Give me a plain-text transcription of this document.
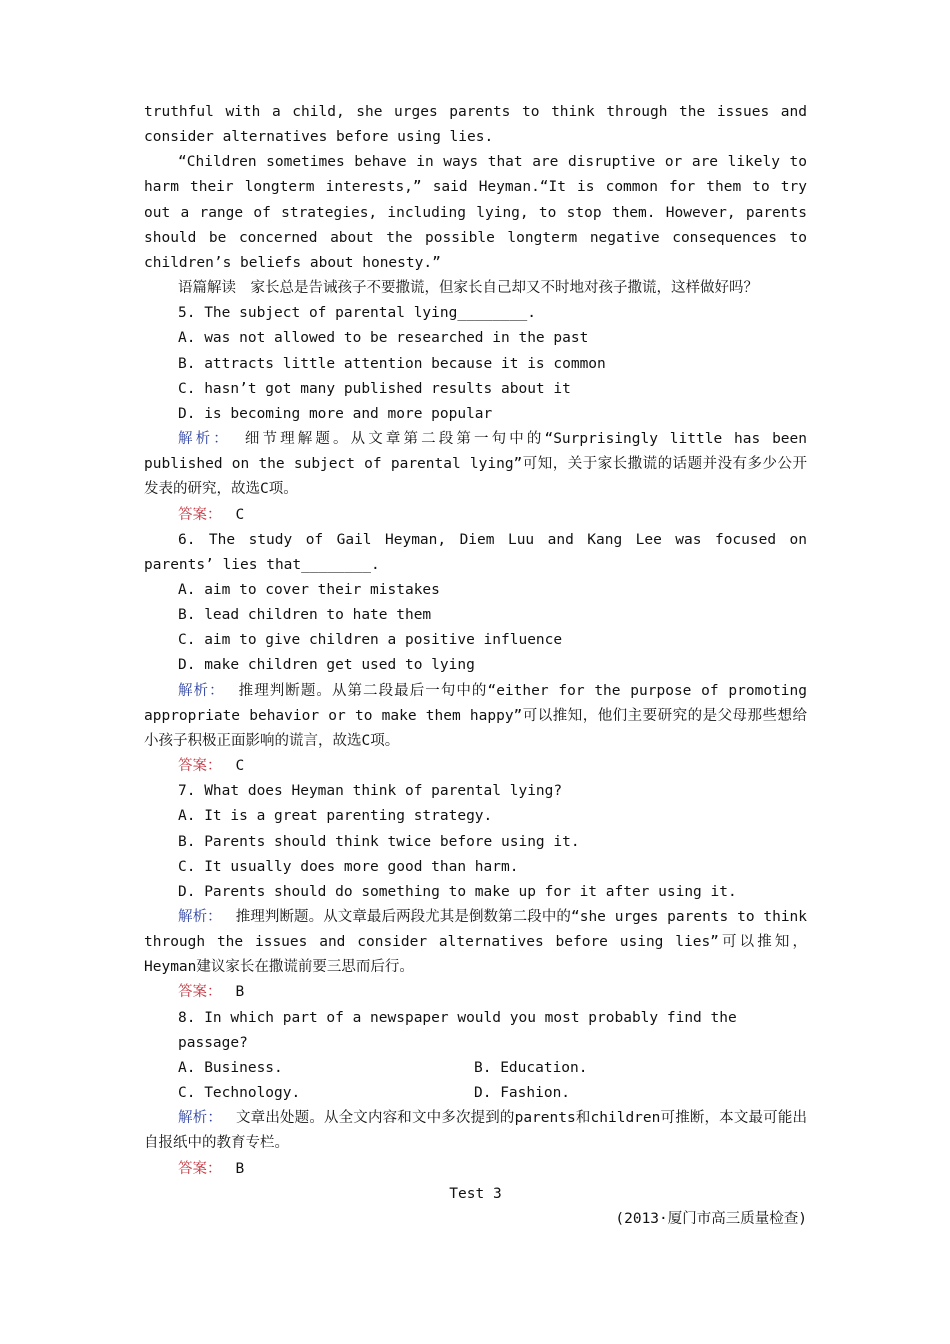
truthful with a child, she urges parents to think through the issues and consider alternatives before using lies.

“Children sometimes behave in ways that are disruptive or are likely to harm their longterm interests,” said Heyman.“It is common for them to try out a range of strategies, including lying, to stop them. However, parents should be concerned about the possible longterm negative consequences to children’s beliefs about honesty.”

语篇解读　家长总是告诫孩子不要撒谎，但家长自己却又不时地对孩子撒谎，这样做好吗？

5. The subject of parental lying________.

A. was not allowed to be researched in the past

B. attracts little attention because it is common

C. hasn’t got many published results about it

D. is becoming more and more popular

解析： 细节理解题。从文章第二段第一句中的“Surprisingly little has been published on the subject of parental lying”可知，关于家长撒谎的话题并没有多少公开发表的研究，故选C项。

答案： C

6. The study of Gail Heyman, Diem Luu and Kang Lee was focused on parents’ lies that________.

A. aim to cover their mistakes

B. lead children to hate them

C. aim to give children a positive influence

D. make children get used to lying

解析： 推理判断题。从第二段最后一句中的“either for the purpose of promoting appropriate behavior or to make them happy”可以推知，他们主要研究的是父母那些想给小孩子积极正面影响的谎言，故选C项。

答案： C

7. What does Heyman think of parental lying?

A. It is a great parenting strategy.

B. Parents should think twice before using it.

C. It usually does more good than harm.

D. Parents should do something to make up for it after using it.

解析： 推理判断题。从文章最后两段尤其是倒数第二段中的“she urges parents to think through the issues and consider alternatives before using lies”可以推知，Heyman建议家长在撒谎前要三思而后行。

答案： B

8. In which part of a newspaper would you most probably find the passage?

A. Business.	B. Education.
C. Technology.	D. Fashion.

解析： 文章出处题。从全文内容和文中多次提到的parents和children可推断，本文最可能出自报纸中的教育专栏。

答案： B

Test 3

(2013·厦门市高三质量检查)
